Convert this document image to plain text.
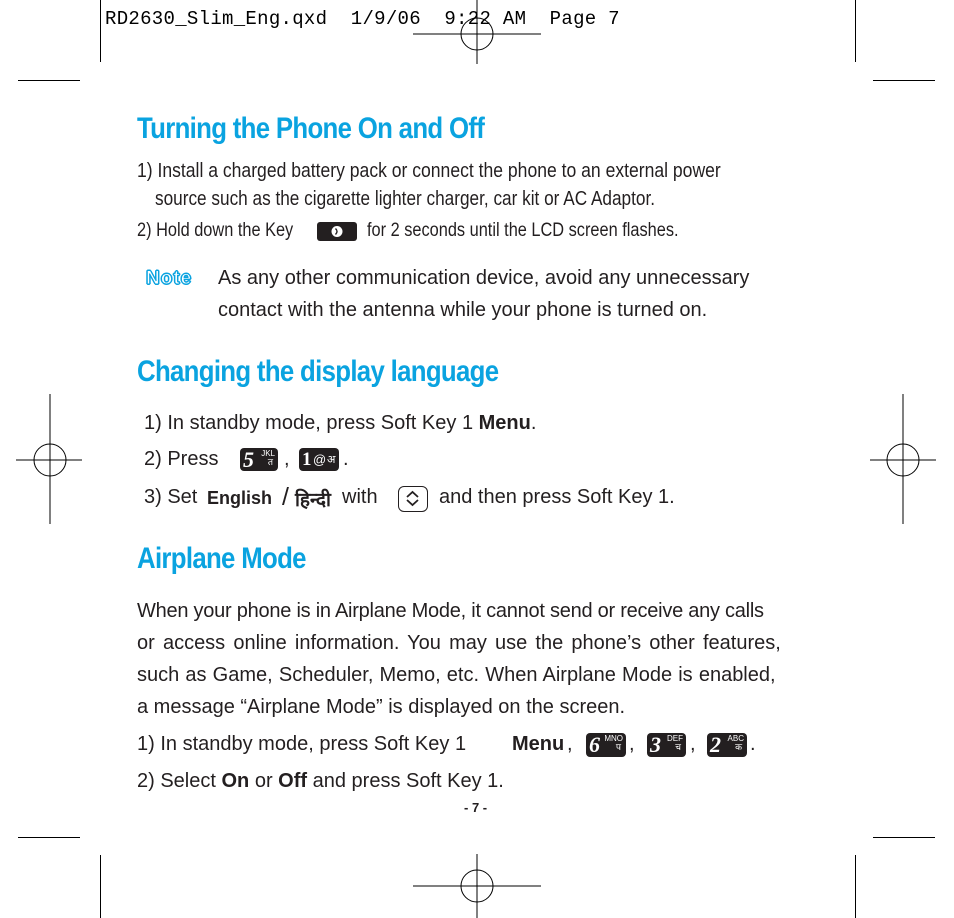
RD2630_Slim_Eng.qxd  1/9/06  9:22 AM  Page 7
Turning the Phone On and Off
1) Install a charged battery pack or connect the phone to an external power
source such as the cigarette lighter charger, car kit or AC Adaptor.
2) Hold down the Key	for 2 seconds until the LCD screen flashes.
Note As any other communication device, avoid any unnecessary
contact with the antenna while your phone is turned on.
Changing the display language
1) In standby mode, press Soft Key 1 Menu.
2) Press 5 JKL
त , 1 @ अ .
3) Set English / हिन्दी with	and then press Soft Key 1.
Airplane Mode
When your phone is in Airplane Mode, it cannot send or receive any calls
or access online information. You may use the phone’s other features,
such as Game, Scheduler, Memo, etc. When Airplane Mode is enabled,
a message “Airplane Mode” is displayed on the screen.
1) In standby mode, press Soft Key 1 Menu , 6 MNO
प , 3 DEF
च , 2 ABC
क .
2) Select On or Off and press Soft Key 1.
- 7 -
